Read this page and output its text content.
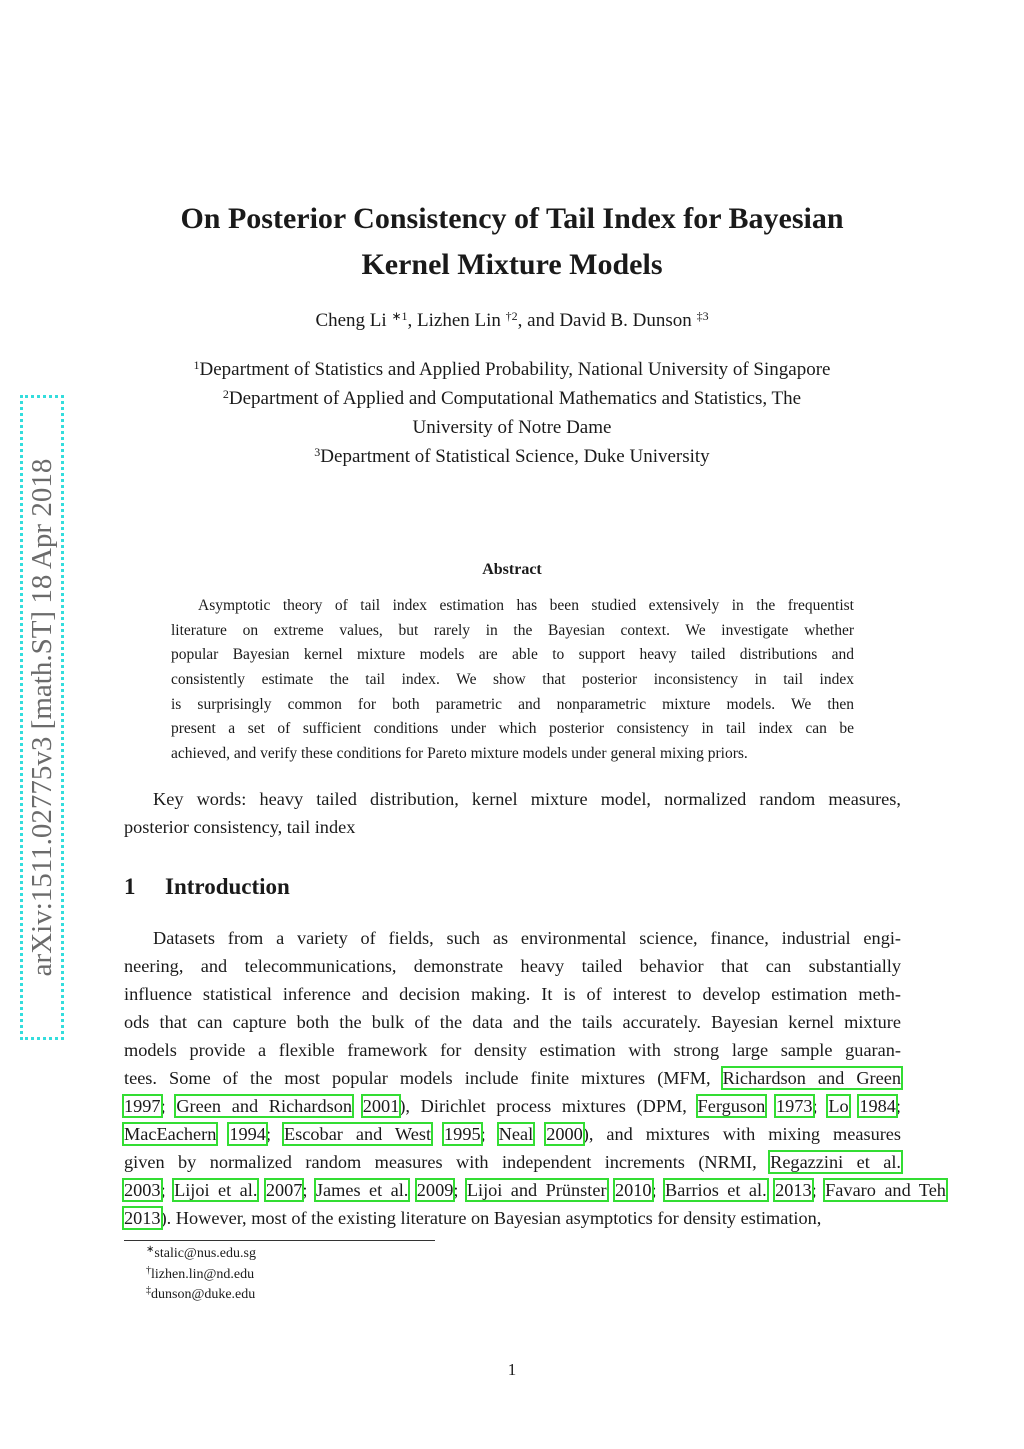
arXiv:1511.02775v3 [math.ST] 18 Apr 2018
On Posterior Consistency of Tail Index for Bayesian
Kernel Mixture Models
Cheng Li $^{∗1}$, Lizhen Lin $^{\dagger 2}$, and David B. Dunson $^{\ddagger 3}$
$^1$Department of Statistics and Applied Probability, National University of Singapore
$^2$Department of Applied and Computational Mathematics and Statistics, The
University of Notre Dame
$^3$Department of Statistical Science, Duke University
Abstract
Asymptotic theory of tail index estimation has been studied extensively in the frequentist
literature on extreme values, but rarely in the Bayesian context. We investigate whether
popular Bayesian kernel mixture models are able to support heavy tailed distributions and
consistently estimate the tail index. We show that posterior inconsistency in tail index
is surprisingly common for both parametric and nonparametric mixture models. We then
present a set of sufficient conditions under which posterior consistency in tail index can be
achieved, and verify these conditions for Pareto mixture models under general mixing priors.
Key words: heavy tailed distribution, kernel mixture model, normalized random measures,
posterior consistency, tail index
1 Introduction
Datasets from a variety of fields, such as environmental science, finance, industrial engi-
neering, and telecommunications, demonstrate heavy tailed behavior that can substantially
influence statistical inference and decision making. It is of interest to develop estimation meth-
ods that can capture both the bulk of the data and the tails accurately. Bayesian kernel mixture
models provide a flexible framework for density estimation with strong large sample guaran-
tees. Some of the most popular models include finite mixtures (MFM, Richardson and Green
1997; Green and Richardson 2001), Dirichlet process mixtures (DPM, Ferguson 1973; Lo 1984;
MacEachern 1994; Escobar and West 1995; Neal 2000), and mixtures with mixing measures
given by normalized random measures with independent increments (NRMI, Regazzini et al.
2003; Lijoi et al. 2007; James et al. 2009; Lijoi and Prünster 2010; Barrios et al. 2013; Favaro and Teh
2013). However, most of the existing literature on Bayesian asymptotics for density estimation,
∗stalic@nus.edu.sg
†lizhen.lin@nd.edu
‡dunson@duke.edu
1
